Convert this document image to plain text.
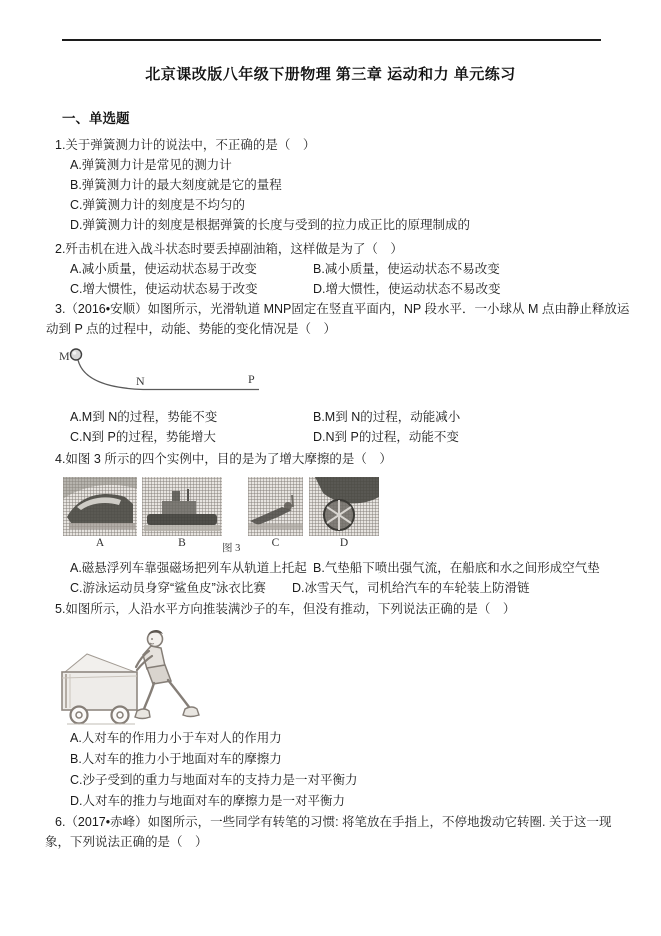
北京课改版八年级下册物理 第三章 运动和力 单元练习
一、单选题
1.关于弹簧测力计的说法中，不正确的是（　）
A.弹簧测力计是常见的测力计
B.弹簧测力计的最大刻度就是它的量程
C.弹簧测力计的刻度是不均匀的
D.弹簧测力计的刻度是根据弹簧的长度与受到的拉力成正比的原理制成的
2.歼击机在进入战斗状态时要丢掉副油箱，这样做是为了（　）
A.减小质量，使运动状态易于改变	B.减小质量，使运动状态不易改变
C.增大惯性，使运动状态易于改变	D.增大惯性，使运动状态不易改变
3.（2016•安顺）如图所示，光滑轨道 MNP固定在竖直平面内，NP 段水平．一小球从 M 点由静止释放运动到 P 点的过程中，动能、势能的变化情况是（　）
M
N	P
A.M到 N的过程，势能不变	B.M到 N的过程，动能减小
C.N到 P的过程，势能增大	D.N到 P的过程，动能不变
4.如图 3 所示的四个实例中，目的是为了增大摩擦的是（　）
A	B	C	D
图 3
A.磁悬浮列车靠强磁场把列车从轨道上托起 B.气垫船下喷出强气流，在船底和水之间形成空气垫
C.游泳运动员身穿“鲨鱼皮”泳衣比赛	D.冰雪天气，司机给汽车的车轮装上防滑链
5.如图所示，人沿水平方向推装满沙子的车，但没有推动，下列说法正确的是（　）
A.人对车的作用力小于车对人的作用力
B.人对车的推力小于地面对车的摩擦力
C.沙子受到的重力与地面对车的支持力是一对平衡力
D.人对车的推力与地面对车的摩擦力是一对平衡力
6.（2017•赤峰）如图所示，一些同学有转笔的习惯: 将笔放在手指上，不停地拨动它转圈. 关于这一现象，下列说法正确的是（　）
